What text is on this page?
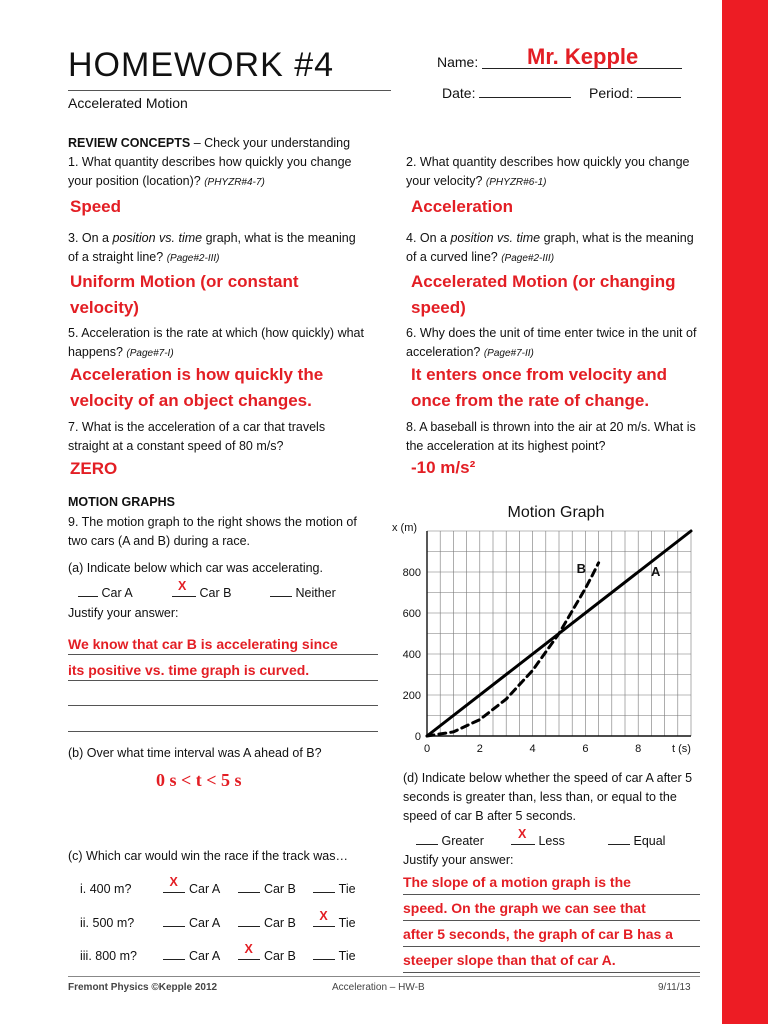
HOMEWORK #4
Accelerated Motion
Name:	Mr. Kepple
Date:	Period:
REVIEW CONCEPTS – Check your understanding
1. What quantity describes how quickly you change your position (location)? (PHYZR#4-7)
Speed
2. What quantity describes how quickly you change your velocity? (PHYZR#6-1)
Acceleration
3. On a position vs. time graph, what is the meaning of a straight line? (Page#2-III)
Uniform Motion (or constant velocity)
4. On a position vs. time graph, what is the meaning of a curved line? (Page#2-III)
Accelerated Motion (or changing speed)
5. Acceleration is the rate at which (how quickly) what happens? (Page#7-I)
Acceleration is how quickly the velocity of an object changes.
6. Why does the unit of time enter twice in the unit of acceleration? (Page#7-II)
It enters once from velocity and once from the rate of change.
7. What is the acceleration of a car that travels straight at a constant speed of 80 m/s?
ZERO
8. A baseball is thrown into the air at 20 m/s. What is the acceleration at its highest point?
-10 m/s²
MOTION GRAPHS
9. The motion graph to the right shows the motion of two cars (A and B) during a race.
(a) Indicate below which car was accelerating.
Car A	X Car B	Neither
Justify your answer:
We know that car B is accelerating since
its positive vs. time graph is curved.
(b) Over what time interval was A ahead of B?
0 s < t < 5 s
(c) Which car would win the race if the track was…
i. 400 m?	X Car A	Car B	Tie
ii. 500 m?	Car A	Car B X Tie
iii. 800 m?	Car A X Car B	Tie
Motion Graph
x (m)
t (s)
0	2	4	6	8
0
200
400
600
800	A
B
(d) Indicate below whether the speed of car A after 5 seconds is greater than, less than, or equal to the speed of car B after 5 seconds.
Greater	X Less	Equal
Justify your answer:
The slope of a motion graph is the
speed. On the graph we can see that
after 5 seconds, the graph of car B has a
steeper slope than that of car A.
Fremont Physics ©Kepple 2012	Acceleration – HW-B	9/11/13
